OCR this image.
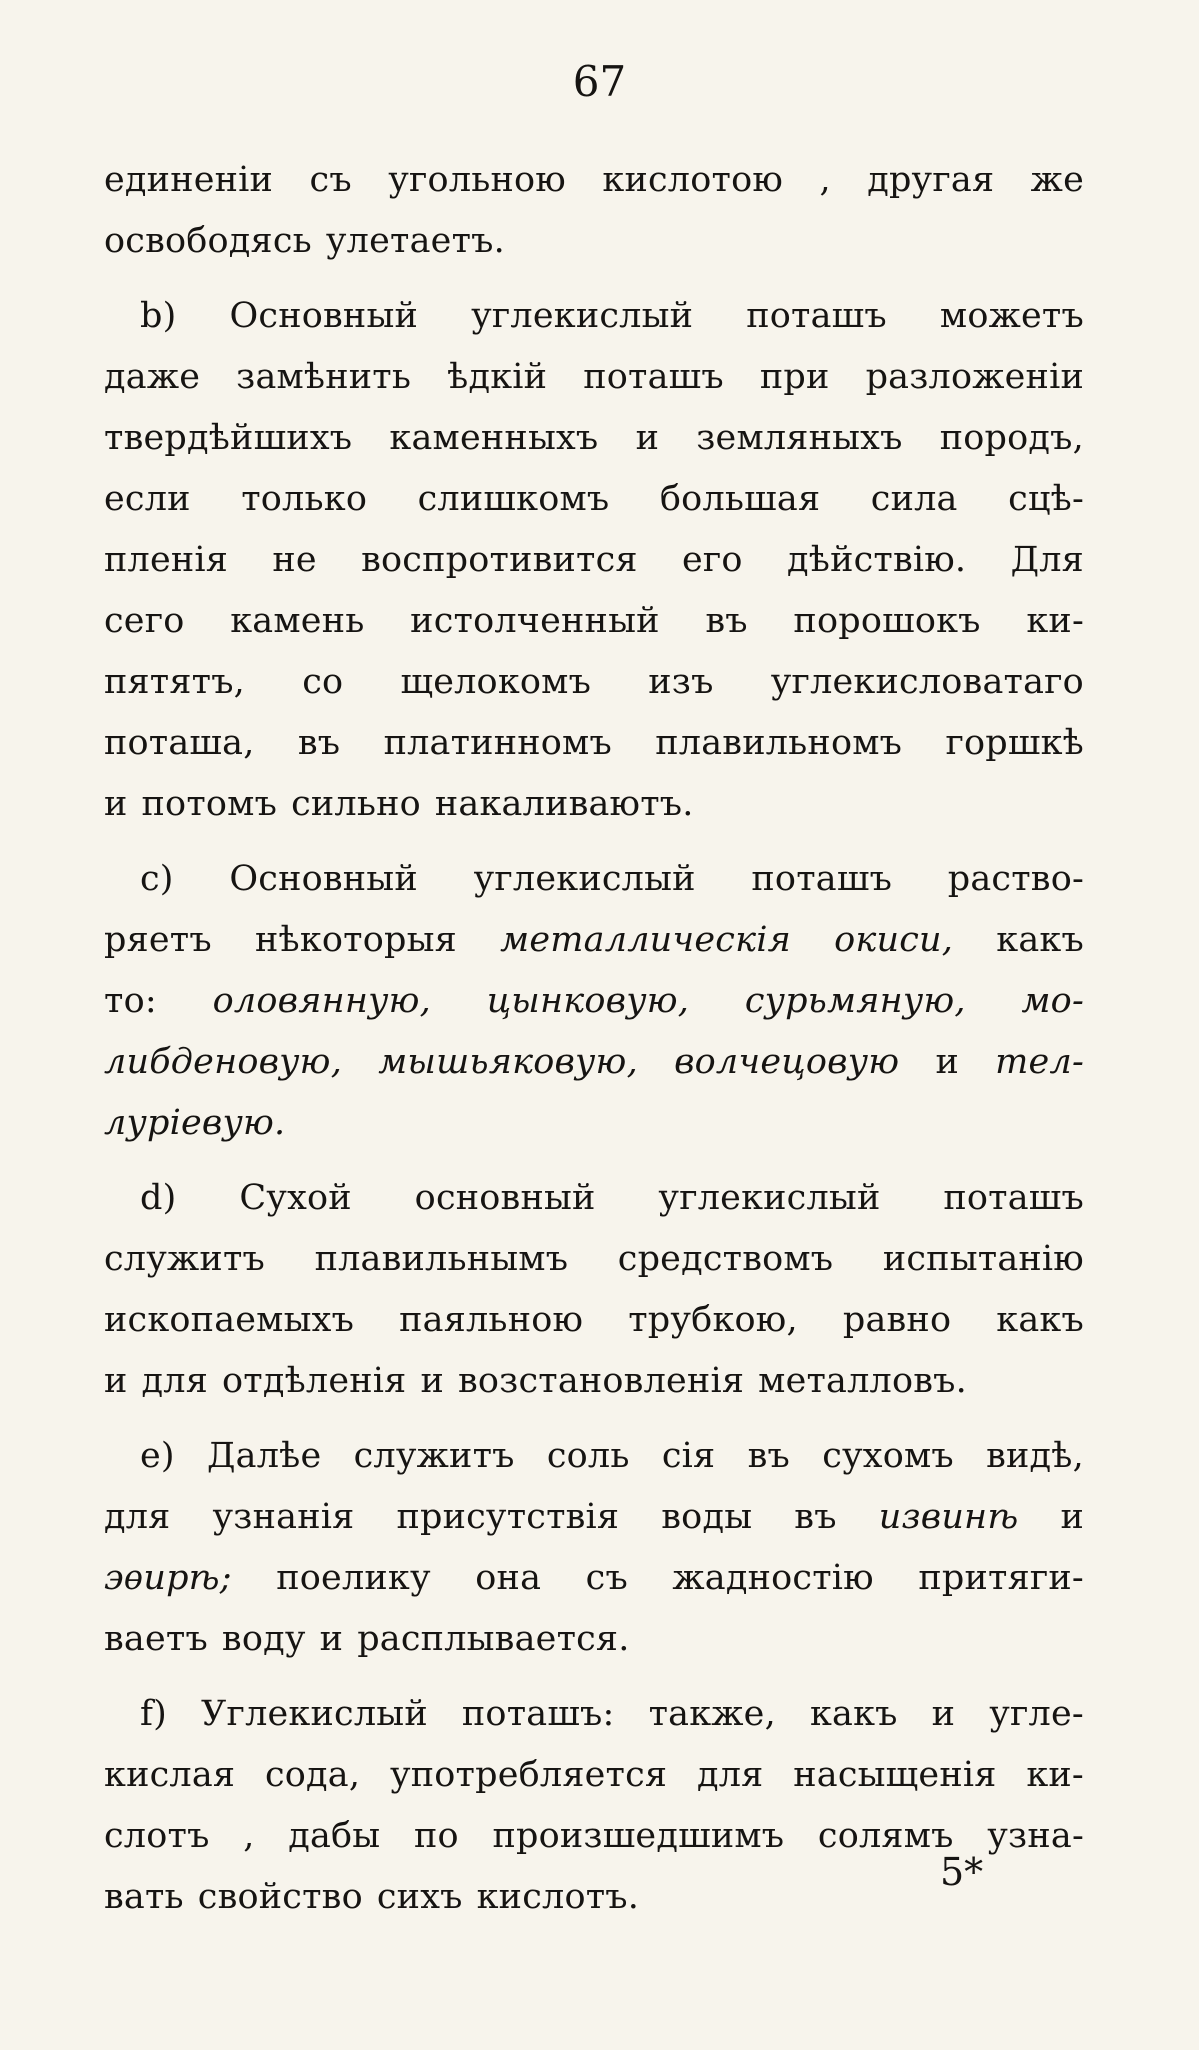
67
единенiи съ угольною кислотою , другая же
освободясь улетаетъ.
b) Основный углекислый поташъ можетъ
даже замѣнить ѣдкiй поташъ при разложенiи
твердѣйшихъ каменныхъ и земляныхъ породъ,
если только слишкомъ большая сила сцѣ-
пленiя не воспротивится его дѣйствiю. Для
сего камень истолченный въ порошокъ ки-
пятятъ, со щелокомъ изъ углекисловатаго
поташа, въ платинномъ плавильномъ горшкѣ
и потомъ сильно накаливаютъ.
c) Основный углекислый поташъ раство-
ряетъ нѣкоторыя металлическiя окиси, какъ
то: оловянную, цынковую, сурьмяную, мо-
либденовую, мышьяковую, волчецовую и тел-
лурiевую.
d) Сухой основный углекислый поташъ
служитъ плавильнымъ средствомъ испытанiю
ископаемыхъ паяльною трубкою, равно какъ
и для отдѣленiя и возстановленiя металловъ.
e) Далѣе служитъ соль сiя въ сухомъ видѣ,
для узнанiя присутствiя воды въ извинѣ и
эѳирѣ; поелику она съ жадностiю притяги-
ваетъ воду и расплывается.
f) Углекислый поташъ: также, какъ и угле-
кислая сода, употребляется для насыщенiя ки-
слотъ , дабы по произшедшимъ солямъ узна-
вать свойство сихъ кислотъ.
5*
